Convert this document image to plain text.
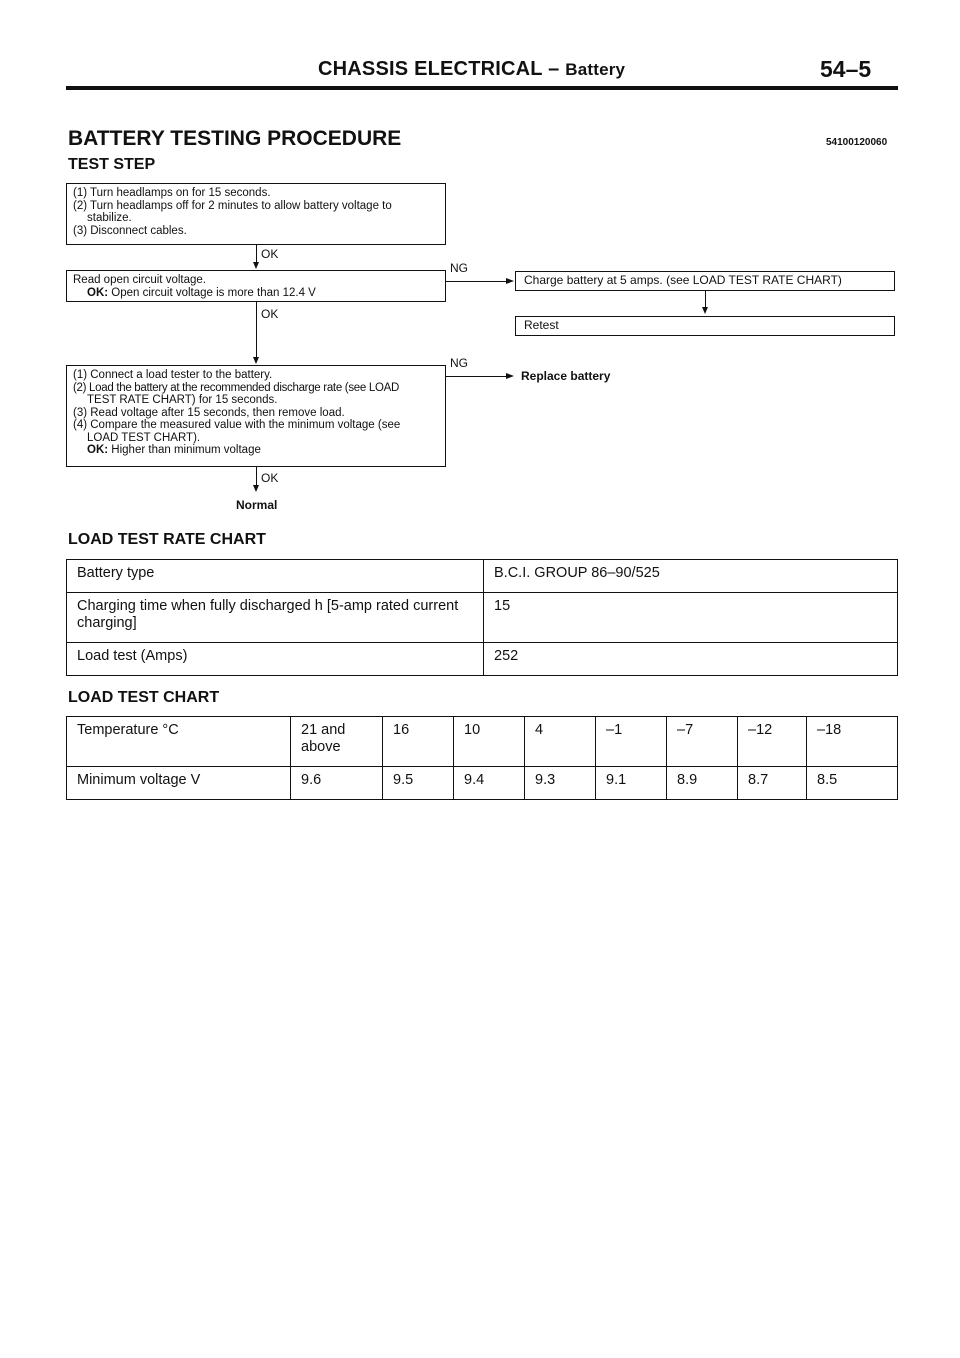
CHASSIS ELECTRICAL – Battery	54–5
BATTERY TESTING PROCEDURE	54100120060
TEST STEP
(1) Turn headlamps on for 15 seconds.
(2) Turn headlamps off for 2 minutes to allow battery voltage to
stabilize.
(3) Disconnect cables.
OK
Read open circuit voltage.
OK: Open circuit voltage is more than 12.4 V
NG
Charge battery at 5 amps. (see LOAD TEST RATE CHART)
Retest
OK
(1) Connect a load tester to the battery.
(2) Load the battery at the recommended discharge rate (see LOAD
TEST RATE CHART) for 15 seconds.
(3) Read voltage after 15 seconds, then remove load.
(4) Compare the measured value with the minimum voltage (see
LOAD TEST CHART).
OK: Higher than minimum voltage
NG
Replace battery
OK
Normal
LOAD TEST RATE CHART
Battery type	B.C.I. GROUP 86–90/525
Charging time when fully discharged h [5-amp rated current charging]	15
Load test (Amps)	252
LOAD TEST CHART
Temperature °C	21 and above	16	10	4	–1	–7	–12	–18
Minimum voltage V	9.6	9.5	9.4	9.3	9.1	8.9	8.7	8.5
